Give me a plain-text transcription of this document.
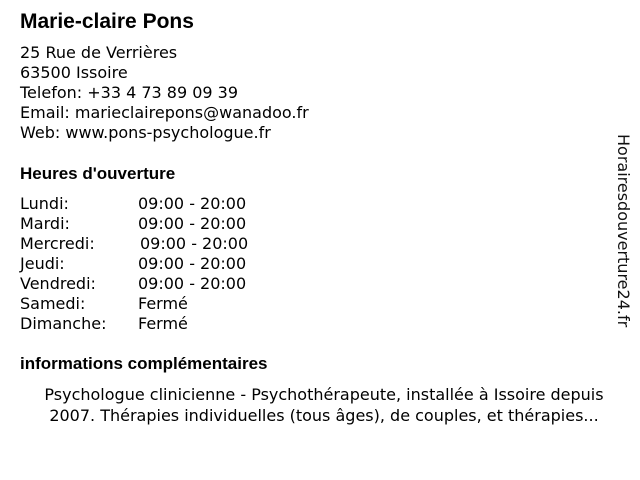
Marie-claire Pons
25 Rue de Verrières
63500 Issoire
Telefon: +33 4 73 89 09 39
Email: marieclairepons@wanadoo.fr
Web: www.pons-psychologue.fr
Heures d'ouverture
Lundi:	09:00 - 20:00
Mardi:	09:00 - 20:00
Mercredi:	09:00 - 20:00
Jeudi:	09:00 - 20:00
Vendredi:	09:00 - 20:00
Samedi:	Fermé
Dimanche: Fermé
informations complémentaires
Psychologue clinicienne - Psychothérapeute, installée à Issoire depuis
2007. Thérapies individuelles (tous âges), de couples, et thérapies...
Horairesdouverture24.fr
